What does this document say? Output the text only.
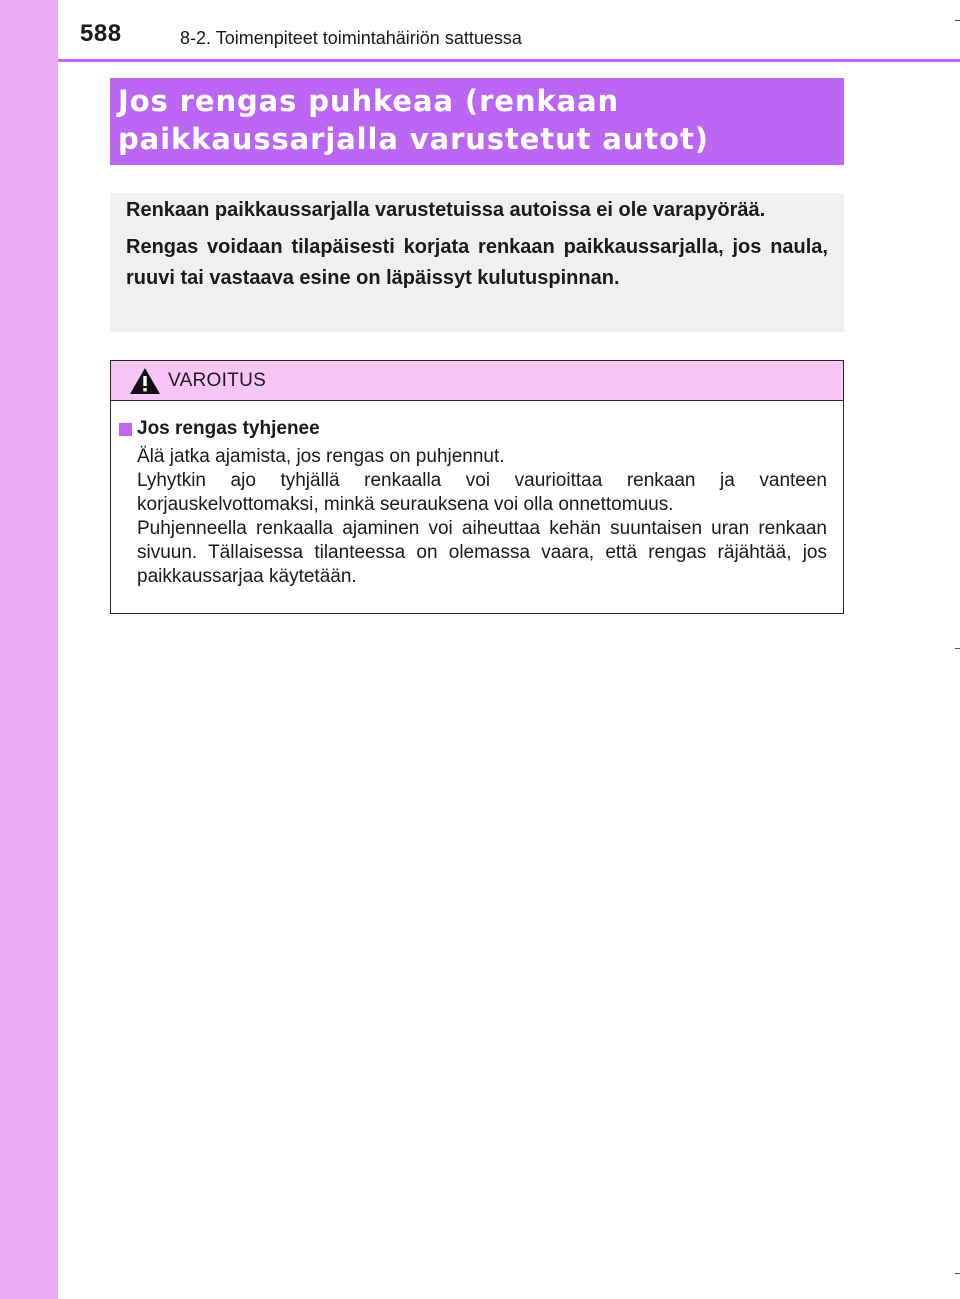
588	8-2. Toimenpiteet toimintahäiriön sattuessa

Jos rengas puhkeaa (renkaan
paikkaussarjalla varustetut autot)

Renkaan paikkaussarjalla varustetuissa autoissa ei ole varapyörää.

Rengas voidaan tilapäisesti korjata renkaan paikkaussarjalla, jos naula, ruuvi tai vastaava esine on läpäissyt kulutuspinnan.

VAROITUS
Jos rengas tyhjenee

Älä jatka ajamista, jos rengas on puhjennut.

Lyhytkin ajo tyhjällä renkaalla voi vaurioittaa renkaan ja vanteen korjauskelvottomaksi, minkä seurauksena voi olla onnettomuus.

Puhjenneella renkaalla ajaminen voi aiheuttaa kehän suuntaisen uran renkaan sivuun. Tällaisessa tilanteessa on olemassa vaara, että rengas räjähtää, jos paikkaussarjaa käytetään.
